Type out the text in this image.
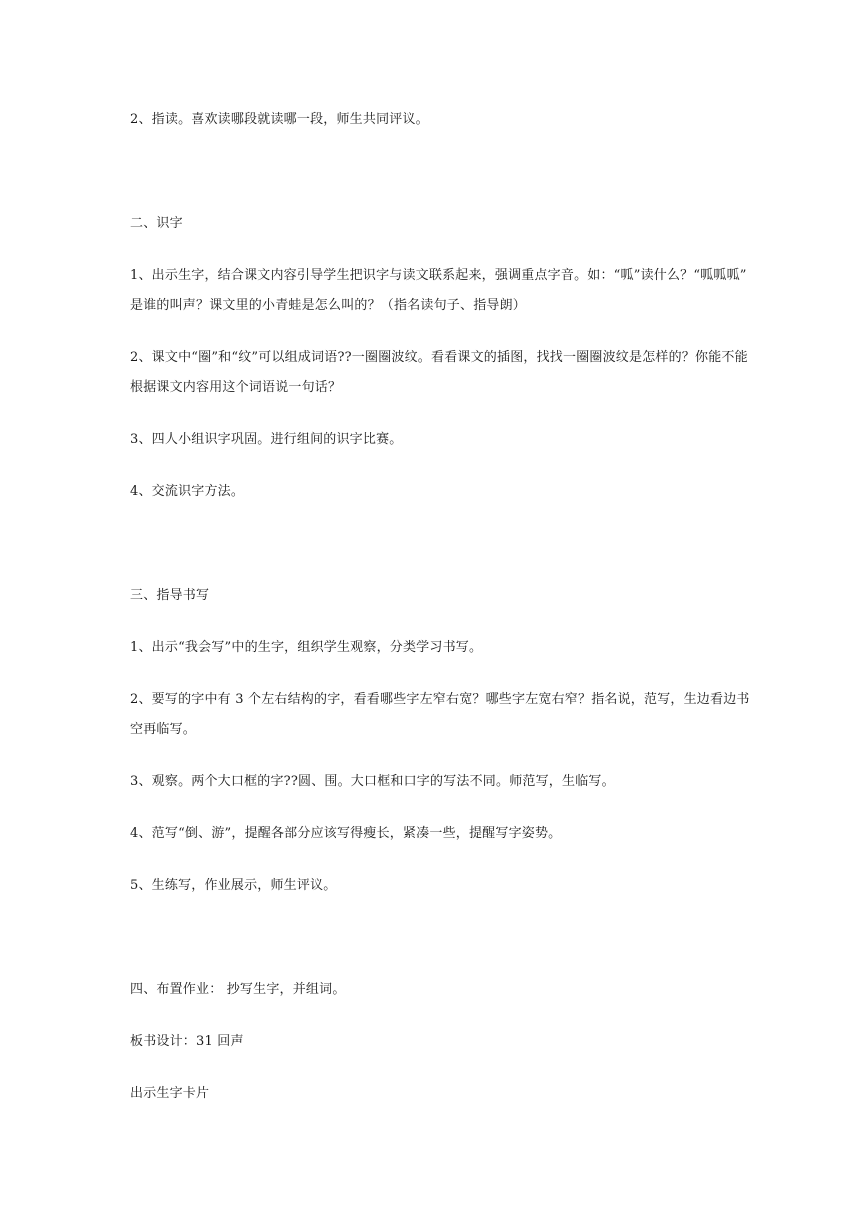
2、指读。喜欢读哪段就读哪一段，师生共同评议。
二、识字
1、出示生字，结合课文内容引导学生把识字与读文联系起来，强调重点字音。如：“呱”读什么？“呱呱呱”
是谁的叫声？课文里的小青蛙是怎么叫的？（指名读句子、指导朗）
2、课文中“圈”和“纹”可以组成词语??一圈圈波纹。看看课文的插图，找找一圈圈波纹是怎样的？你能不能
根据课文内容用这个词语说一句话？
3、四人小组识字巩固。进行组间的识字比赛。
4、交流识字方法。
三、指导书写
1、出示“我会写”中的生字，组织学生观察，分类学习书写。
2、要写的字中有 3 个左右结构的字，看看哪些字左窄右宽？哪些字左宽右窄？指名说，范写，生边看边书
空再临写。
3、观察。两个大口框的字??圆、围。大口框和口字的写法不同。师范写，生临写。
4、范写“倒、游”，提醒各部分应该写得瘦长，紧凑一些，提醒写字姿势。
5、生练写，作业展示，师生评议。
四、布置作业： 抄写生字，并组词。
板书设计：31 回声
出示生字卡片
